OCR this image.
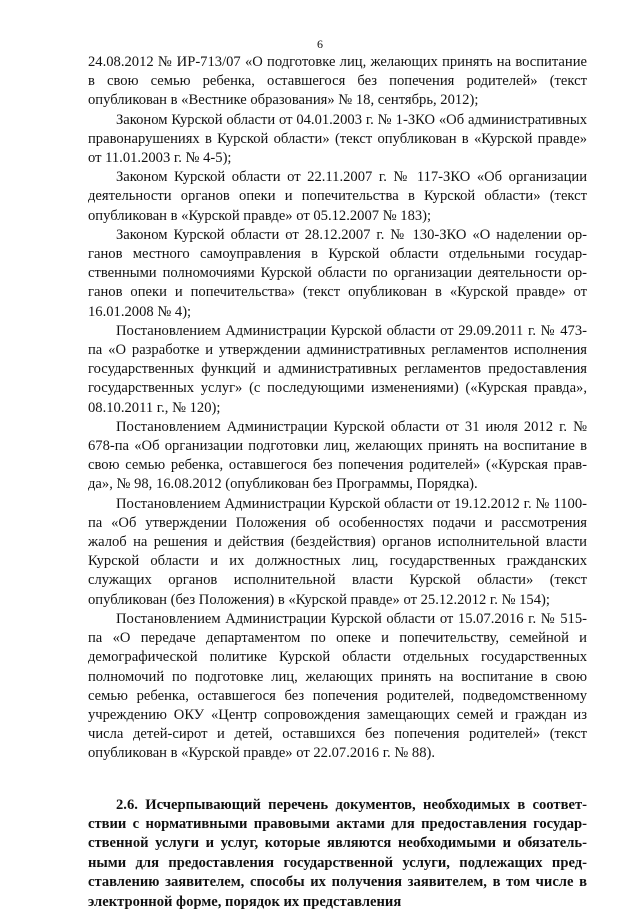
6

24.08.2012 № ИР-713/07 «О подготовке лиц, желающих принять на воспитание в свою семью ребенка, оставшегося без попечения родителей» (текст опубликован в «Вестнике образования» № 18, сентябрь, 2012);

Законом Курской области от 04.01.2003 г. № 1-ЗКО «Об административных правонарушениях в Курской области» (текст опубликован в «Курской правде» от 11.01.2003 г. № 4-5);

Законом Курской области от 22.11.2007 г. № 117-ЗКО «Об организации деятельности органов опеки и попечительства в Курской области» (текст опубликован в «Курской правде» от 05.12.2007 № 183);

Законом Курской области от 28.12.2007 г. № 130-ЗКО «О наделении органов местного самоуправления в Курской области отдельными государственными полномочиями Курской области по организации деятельности органов опеки и попечительства» (текст опубликован в «Курской правде» от 16.01.2008 № 4);

Постановлением Администрации Курской области от 29.09.2011 г. № 473-па «О разработке и утверждении административных регламентов исполнения государственных функций и административных регламентов предоставления государственных услуг» (с последующими изменениями) («Курская правда», 08.10.2011 г., № 120);

Постановлением Администрации Курской области от 31 июля 2012 г. № 678-па «Об организации подготовки лиц, желающих принять на воспитание в свою семью ребенка, оставшегося без попечения родителей» («Курская правда», № 98, 16.08.2012 (опубликован без Программы, Порядка).

Постановлением Администрации Курской области от 19.12.2012 г. № 1100-па «Об утверждении Положения об особенностях подачи и рассмотрения жалоб на решения и действия (бездействия) органов исполнительной власти Курской области и их должностных лиц, государственных гражданских служащих органов исполнительной власти Курской области» (текст опубликован (без Положения) в «Курской правде» от 25.12.2012 г. № 154);

Постановлением Администрации Курской области от 15.07.2016 г. № 515-па «О передаче департаментом по опеке и попечительству, семейной и демографической политике Курской области отдельных государственных полномочий по подготовке лиц, желающих принять на воспитание в свою семью ребенка, оставшегося без попечения родителей, подведомственному учреждению ОКУ «Центр сопровождения замещающих семей и граждан из числа детей-сирот и детей, оставшихся без попечения родителей» (текст опубликован в «Курской правде» от 22.07.2016 г. № 88).

2.6. Исчерпывающий перечень документов, необходимых в соответствии с нормативными правовыми актами для предоставления государственной услуги и услуг, которые являются необходимыми и обязательными для предоставления государственной услуги, подлежащих представлению заявителем, способы их получения заявителем, в том числе в электронной форме, порядок их представления
